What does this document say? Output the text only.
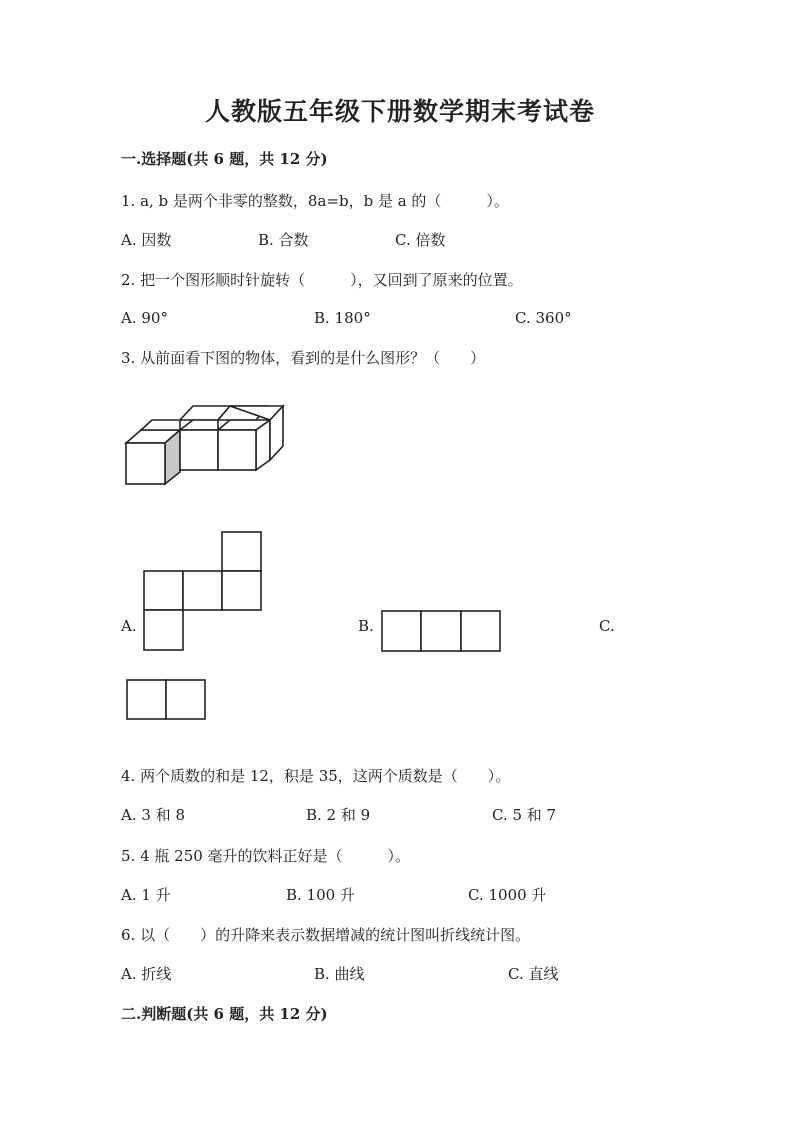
人教版五年级下册数学期末考试卷
一.选择题(共 6 题，共 12 分)
1. a, b 是两个非零的整数，8a=b，b 是 a 的（　　　）。
A. 因数	B. 合数	C. 倍数
2. 把一个图形顺时针旋转（　　　），又回到了原来的位置。
A. 90°	B. 180°	C. 360°
3. 从前面看下图的物体，看到的是什么图形？（　　）
A.	B.	C.
4. 两个质数的和是 12，积是 35，这两个质数是（　　）。
A. 3 和 8	B. 2 和 9	C. 5 和 7
5. 4 瓶 250 毫升的饮料正好是（　　　）。
A. 1 升	B. 100 升	C. 1000 升
6. 以（　　）的升降来表示数据增减的统计图叫折线统计图。
A. 折线	B. 曲线	C. 直线
二.判断题(共 6 题，共 12 分)
